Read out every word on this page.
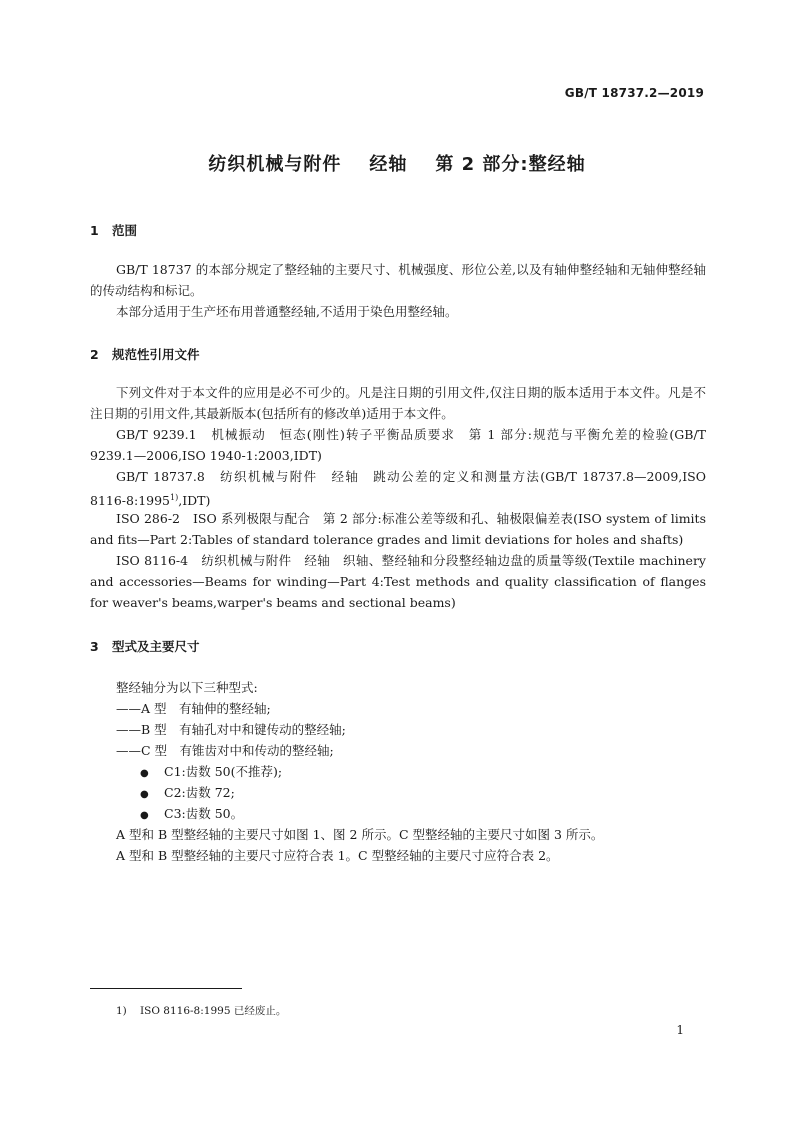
GB/T 18737.2—2019
纺织机械与附件 经轴 第 2 部分:整经轴
1 范围
GB/T 18737 的本部分规定了整经轴的主要尺寸、机械强度、形位公差,以及有轴伸整经轴和无轴伸整经轴的传动结构和标记。
本部分适用于生产坯布用普通整经轴,不适用于染色用整经轴。
2 规范性引用文件
下列文件对于本文件的应用是必不可少的。凡是注日期的引用文件,仅注日期的版本适用于本文件。凡是不注日期的引用文件,其最新版本(包括所有的修改单)适用于本文件。
GB/T 9239.1　机械振动　恒态(刚性)转子平衡品质要求　第 1 部分:规范与平衡允差的检验(GB/T 9239.1—2006,ISO 1940-1:2003,IDT)
GB/T 18737.8　纺织机械与附件　经轴　跳动公差的定义和测量方法(GB/T 18737.8—2009,ISO 8116-8:1995$^{1)}$,IDT)
ISO 286-2　ISO 系列极限与配合　第 2 部分:标准公差等级和孔、轴极限偏差表(ISO system of limits and fits—Part 2:Tables of standard tolerance grades and limit deviations for holes and shafts)
ISO 8116-4　纺织机械与附件　经轴　织轴、整经轴和分段整经轴边盘的质量等级(Textile machinery and accessories—Beams for winding—Part 4:Test methods and quality classification of flanges for weaver's beams,warper's beams and sectional beams)
3 型式及主要尺寸
整经轴分为以下三种型式:
——A 型　有轴伸的整经轴;
——B 型　有轴孔对中和键传动的整经轴;
——C 型　有锥齿对中和传动的整经轴;
● C1:齿数 50(不推荐);
● C2:齿数 72;
● C3:齿数 50。
A 型和 B 型整经轴的主要尺寸如图 1、图 2 所示。C 型整经轴的主要尺寸如图 3 所示。
A 型和 B 型整经轴的主要尺寸应符合表 1。C 型整经轴的主要尺寸应符合表 2。
1) ISO 8116-8:1995 已经废止。
1
